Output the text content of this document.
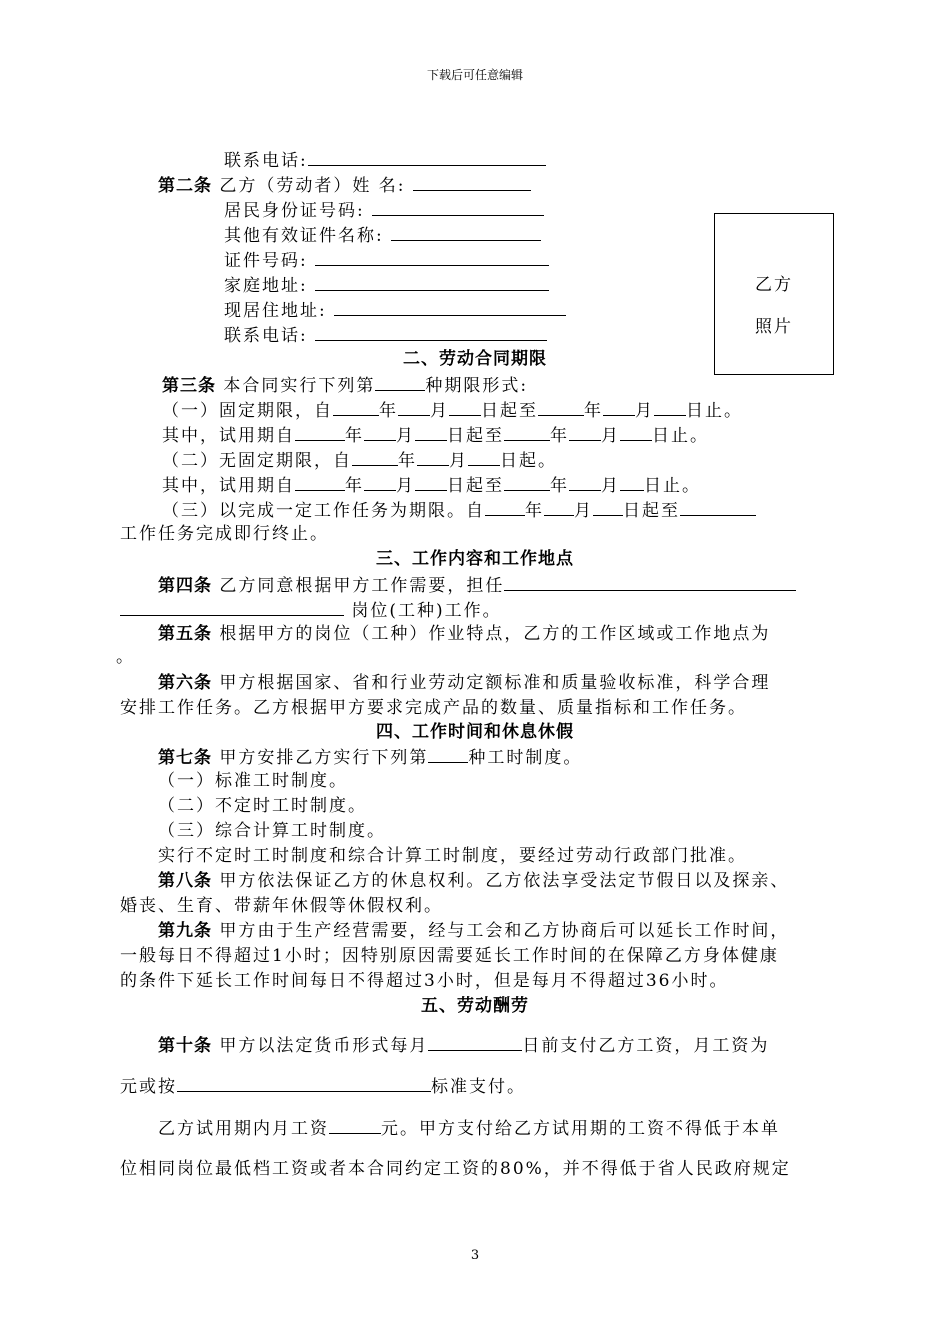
下载后可任意编辑
乙方
照片
联系电话:
第二条 乙方（劳动者）姓 名:
居民身份证号码:
其他有效证件名称:
证件号码:
家庭地址:
现居住地址:
联系电话:
二、劳动合同期限
第三条 本合同实行下列第	种期限形式:
（一）固定期限，自	年 月 日起至	年 月 日止。
其中，试用期自	年 月 日起至	年 月 日止。
（二）无固定期限，自	年 月 日起。
其中，试用期自	年 月 日起至	年 月 日止。
（三）以完成一定工作任务为期限。自 年 月 日起至
工作任务完成即行终止。
三、工作内容和工作地点
第四条 乙方同意根据甲方工作需要，担任
岗位(工种)工作。
第五条 根据甲方的岗位（工种）作业特点，乙方的工作区域或工作地点为
。
第六条 甲方根据国家、省和行业劳动定额标准和质量验收标准，科学合理
安排工作任务。乙方根据甲方要求完成产品的数量、质量指标和工作任务。
四、工作时间和休息休假
第七条 甲方安排乙方实行下列第 种工时制度。
（一）标准工时制度。
（二）不定时工时制度。
（三）综合计算工时制度。
实行不定时工时制度和综合计算工时制度，要经过劳动行政部门批准。
第八条 甲方依法保证乙方的休息权利。乙方依法享受法定节假日以及探亲、
婚丧、生育、带薪年休假等休假权利。
第九条 甲方由于生产经营需要，经与工会和乙方协商后可以延长工作时间，
一般每日不得超过1小时；因特别原因需要延长工作时间的在保障乙方身体健康
的条件下延长工作时间每日不得超过3小时，但是每月不得超过36小时。
五、劳动酬劳
第十条 甲方以法定货币形式每月	日前支付乙方工资，月工资为
元或按	标准支付。
乙方试用期内月工资	元。甲方支付给乙方试用期的工资不得低于本单
位相同岗位最低档工资或者本合同约定工资的80%，并不得低于省人民政府规定
3
